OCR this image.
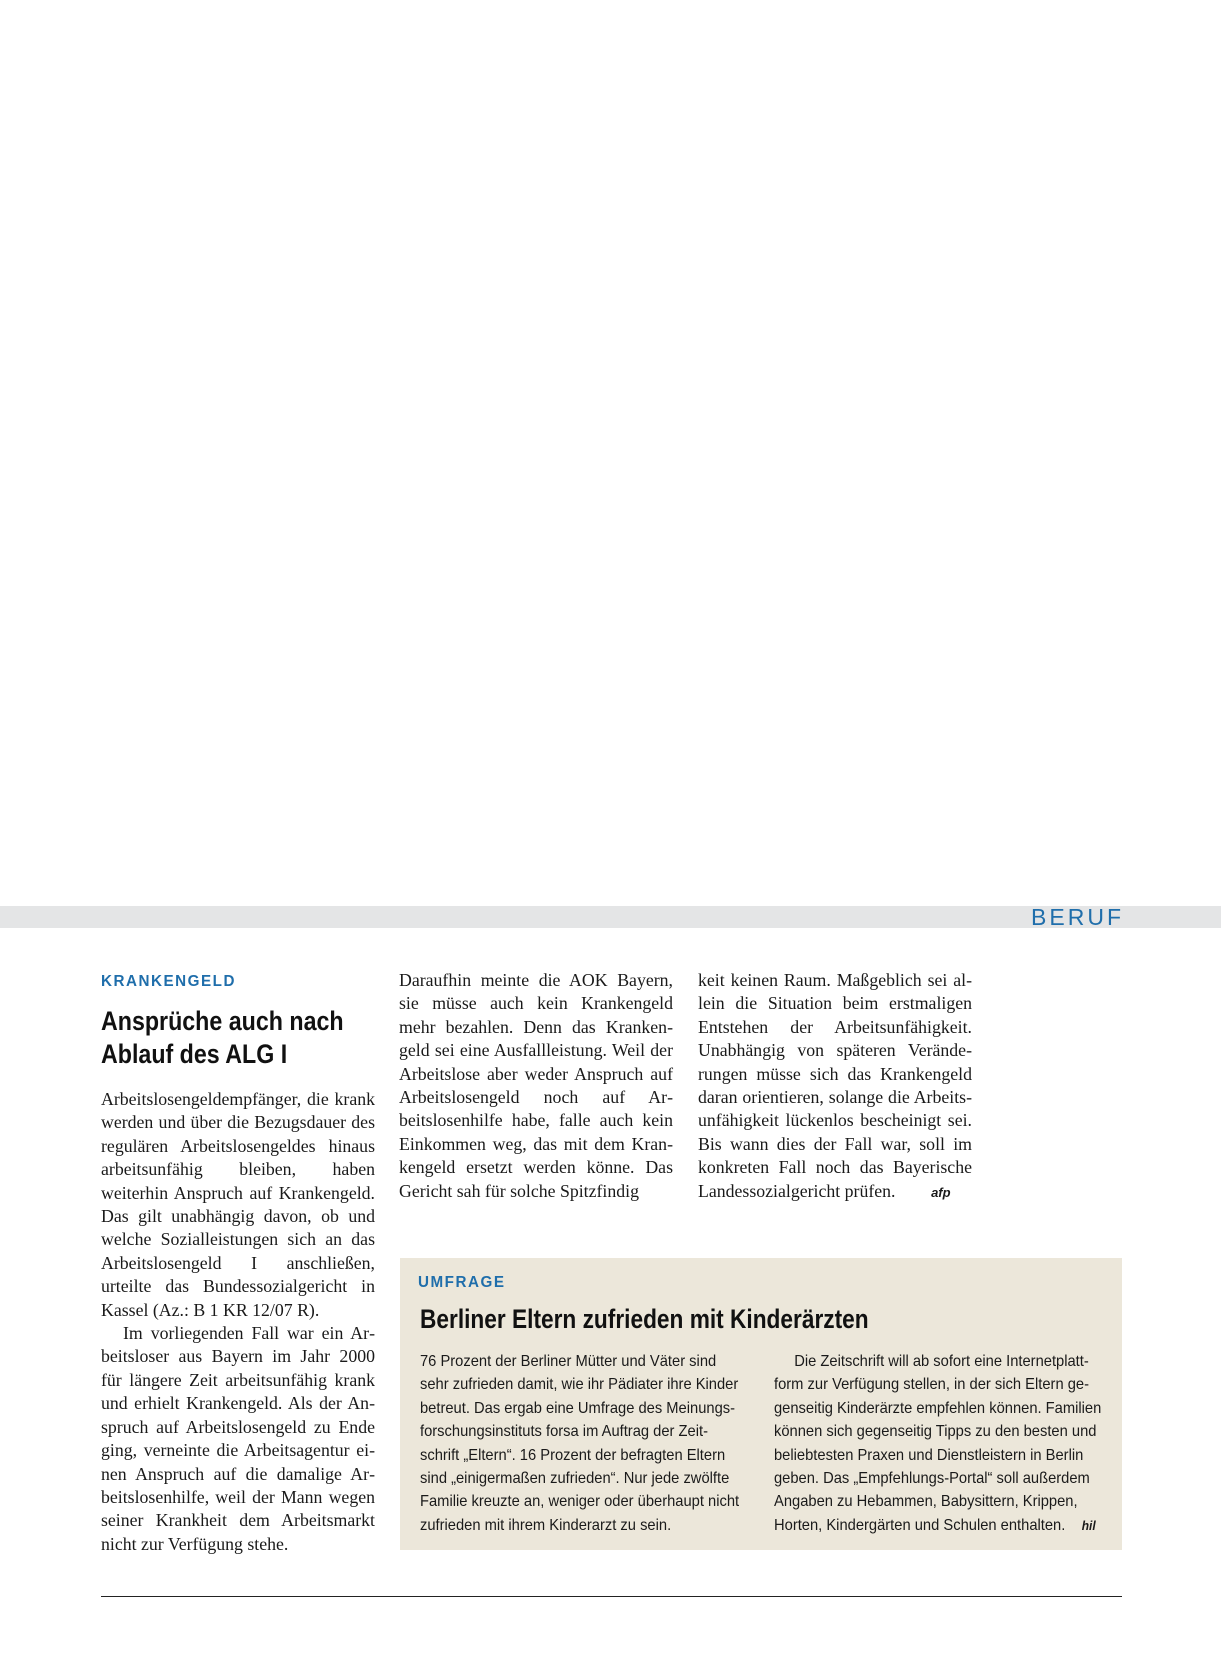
BERUF
KRANKENGELD
Ansprüche auch nach Ablauf des ALG I

Arbeitslosengeldempfänger, die krank werden und über die Bezugsdauer des regulären Arbeitslosengeldes hinaus arbeitsunfähig bleiben, haben weiterhin Anspruch auf Krankengeld. Das gilt unabhängig davon, ob und welche Sozialleistungen sich an das Arbeitslosengeld I anschließen, urteilte das Bundessozialgericht in Kassel (Az.: B 1 KR 12/07 R).

Im vorliegenden Fall war ein Arbeitsloser aus Bayern im Jahr 2000 für längere Zeit arbeitsunfähig krank und erhielt Krankengeld. Als der Anspruch auf Arbeitslosengeld zu Ende ging, verneinte die Arbeitsagentur einen Anspruch auf die damalige Arbeitslosenhilfe, weil der Mann wegen seiner Krankheit dem Arbeitsmarkt nicht zur Verfügung stehe.

Daraufhin meinte die AOK Bayern, sie müsse auch kein Krankengeld mehr bezahlen. Denn das Krankengeld sei eine Ausfallleistung. Weil der Arbeitslose aber weder Anspruch auf Arbeitslosengeld noch auf Arbeitslosenhilfe habe, falle auch kein Einkommen weg, das mit dem Krankengeld ersetzt werden könne. Das Gericht sah für solche Spitzfindig

keit keinen Raum. Maßgeblich sei allein die Situation beim erstmaligen Entstehen der Arbeitsunfähigkeit. Unabhängig von späteren Veränderungen müsse sich das Krankengeld daran orientieren, solange die Arbeitsunfähigkeit lückenlos bescheinigt sei. Bis wann dies der Fall war, soll im konkreten Fall noch das Bayerische Landessozialgericht prüfen.	afp

UMFRAGE
Berliner Eltern zufrieden mit Kinderärzten
76 Prozent der Berliner Mütter und Väter sind
sehr zufrieden damit, wie ihr Pädiater ihre Kinder
betreut. Das ergab eine Umfrage des Meinungs-
forschungsinstituts forsa im Auftrag der Zeit-
schrift „Eltern“. 16 Prozent der befragten Eltern
sind „einigermaßen zufrieden“. Nur jede zwölfte
Familie kreuzte an, weniger oder überhaupt nicht
zufrieden mit ihrem Kinderarzt zu sein.
Die Zeitschrift will ab sofort eine Internetplatt-
form zur Verfügung stellen, in der sich Eltern ge-
genseitig Kinderärzte empfehlen können. Familien
können sich gegenseitig Tipps zu den besten und
beliebtesten Praxen und Dienstleistern in Berlin
geben. Das „Empfehlungs-Portal“ soll außerdem
Angaben zu Hebammen, Babysittern, Krippen,
Horten, Kindergärten und Schulen enthalten. hil
